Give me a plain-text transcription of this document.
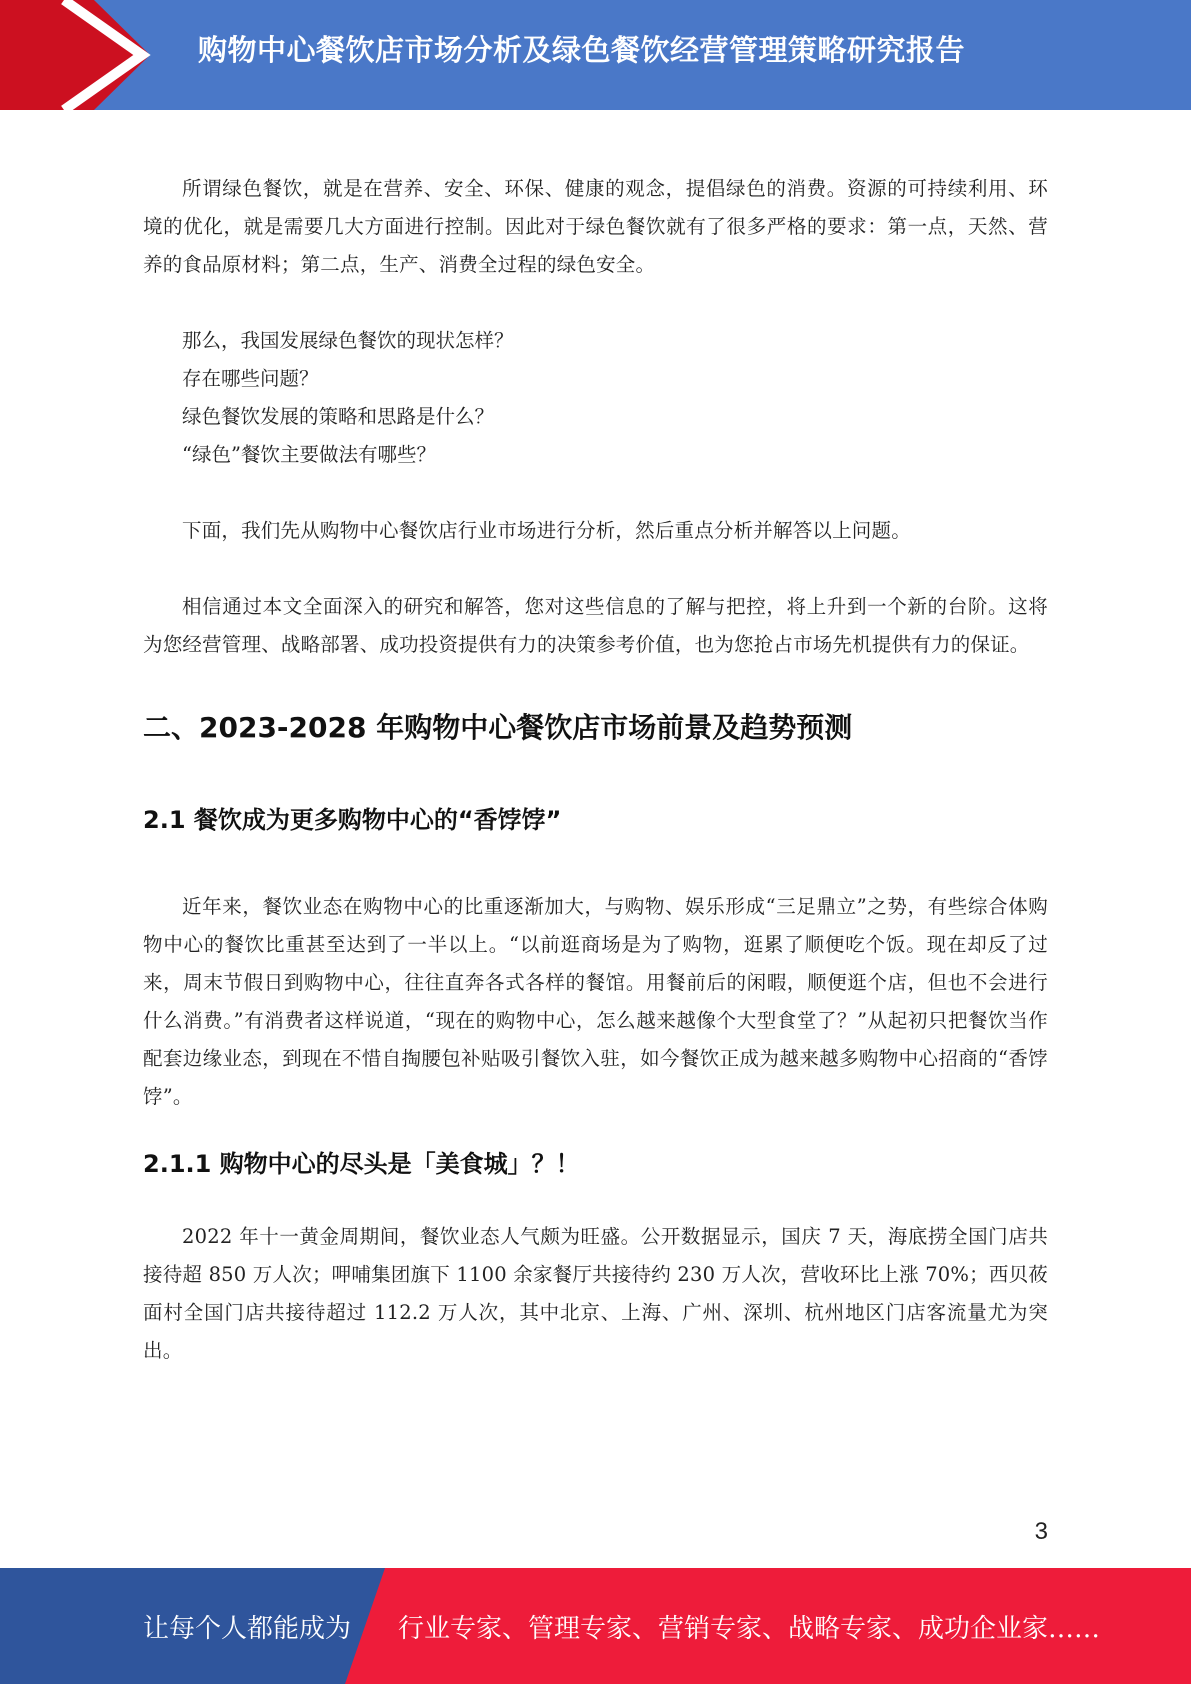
购物中心餐饮店市场分析及绿色餐饮经营管理策略研究报告

所谓绿色餐饮，就是在营养、安全、环保、健康的观念，提倡绿色的消费。资源的可持续利用、环境的优化，就是需要几大方面进行控制。因此对于绿色餐饮就有了很多严格的要求：第一点，天然、营养的食品原材料；第二点，生产、消费全过程的绿色安全。

那么，我国发展绿色餐饮的现状怎样？

存在哪些问题？

绿色餐饮发展的策略和思路是什么？

“绿色”餐饮主要做法有哪些？

下面，我们先从购物中心餐饮店行业市场进行分析，然后重点分析并解答以上问题。

相信通过本文全面深入的研究和解答，您对这些信息的了解与把控，将上升到一个新的台阶。这将为您经营管理、战略部署、成功投资提供有力的决策参考价值，也为您抢占市场先机提供有力的保证。

二、2023-2028 年购物中心餐饮店市场前景及趋势预测
2.1 餐饮成为更多购物中心的“香饽饽”

近年来，餐饮业态在购物中心的比重逐渐加大，与购物、娱乐形成“三足鼎立”之势，有些综合体购物中心的餐饮比重甚至达到了一半以上。“以前逛商场是为了购物，逛累了顺便吃个饭。现在却反了过来，周末节假日到购物中心，往往直奔各式各样的餐馆。用餐前后的闲暇，顺便逛个店，但也不会进行什么消费。”有消费者这样说道，“现在的购物中心，怎么越来越像个大型食堂了？”从起初只把餐饮当作配套边缘业态，到现在不惜自掏腰包补贴吸引餐饮入驻，如今餐饮正成为越来越多购物中心招商的“香饽饽”。

2.1.1 购物中心的尽头是「美食城」？！

2022 年十一黄金周期间，餐饮业态人气颇为旺盛。公开数据显示，国庆 7 天，海底捞全国门店共接待超 850 万人次；呷哺集团旗下 1100 余家餐厅共接待约 230 万人次，营收环比上涨 70%；西贝莜面村全国门店共接待超过 112.2 万人次，其中北京、上海、广州、深圳、杭州地区门店客流量尤为突出。

3
让每个人都能成为 行业专家、管理专家、营销专家、战略专家、成功企业家……
